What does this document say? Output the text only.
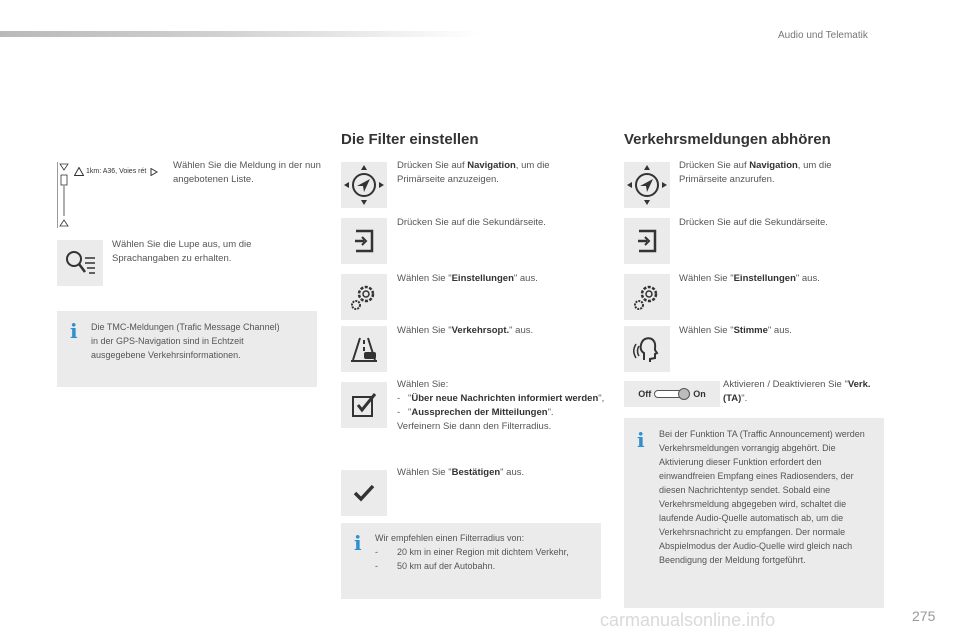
Audio und Telematik
1km: A36, Voies rét
Wählen Sie die Meldung in der nun angebotenen Liste.
Wählen Sie die Lupe aus, um die Sprachangaben zu erhalten.
i Die TMC-Meldungen (Trafic Message Channel) in der GPS-Navigation sind in Echtzeit ausgegebene Verkehrsinformationen.
Die Filter einstellen
Drücken Sie auf Navigation, um die Primärseite anzuzeigen.
Drücken Sie auf die Sekundärseite.
Wählen Sie "Einstellungen" aus.
Wählen Sie "Verkehrsopt." aus.
Wählen Sie:
- "Über neue Nachrichten informiert werden",
- "Aussprechen der Mitteilungen".
Verfeinern Sie dann den Filterradius.
Wählen Sie "Bestätigen" aus.
i Wir empfehlen einen Filterradius von:
- 20 km in einer Region mit dichtem Verkehr,
- 50 km auf der Autobahn.
Verkehrsmeldungen abhören
Drücken Sie auf Navigation, um die Primärseite anzurufen.
Drücken Sie auf die Sekundärseite.
Wählen Sie "Einstellungen" aus.
Wählen Sie "Stimme" aus.
Off	On
Aktivieren / Deaktivieren Sie "Verk. (TA)".
i Bei der Funktion TA (Traffic Announcement) werden Verkehrsmeldungen vorrangig abgehört. Die Aktivierung dieser Funktion erfordert den einwandfreien Empfang eines Radiosenders, der diesen Nachrichtentyp sendet. Sobald eine Verkehrsmeldung abgegeben wird, schaltet die laufende Audio-Quelle automatisch ab, um die Verkehrsnachricht zu empfangen. Der normale Abspielmodus der Audio-Quelle wird gleich nach Beendigung der Meldung fortgeführt.
carmanualsonline.info	275
